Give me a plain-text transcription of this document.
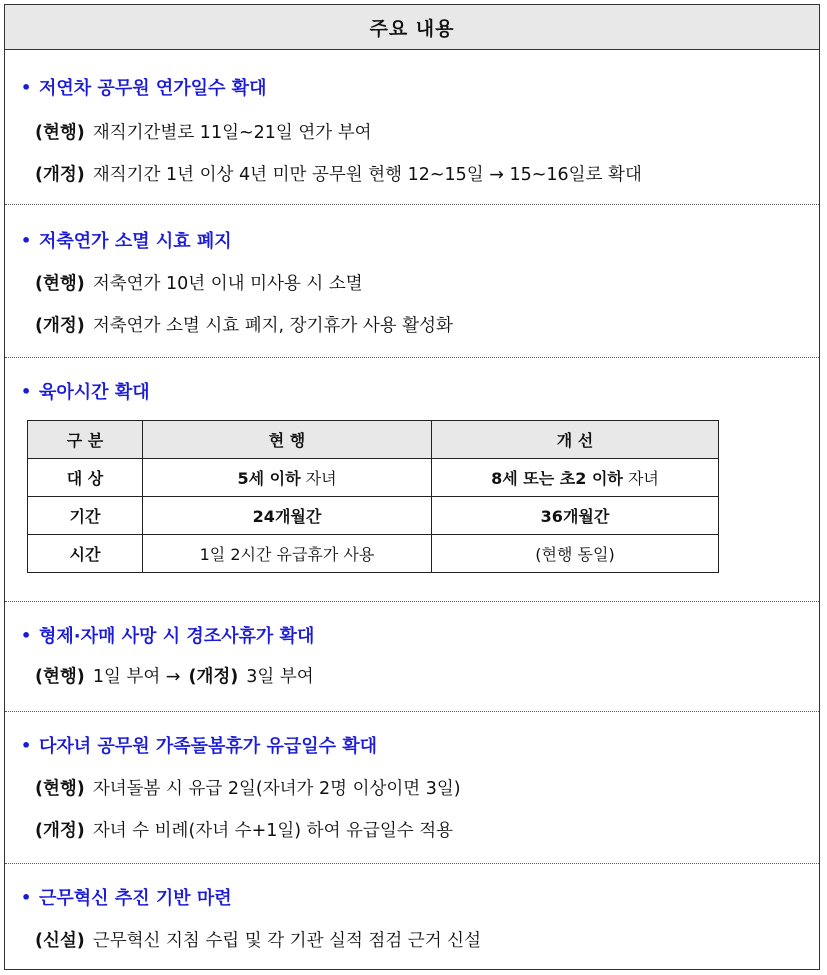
주요 내용
• 저연차 공무원 연가일수 확대
(현행) 재직기간별로 11일~21일 연가 부여
(개정) 재직기간 1년 이상 4년 미만 공무원 현행 12~15일 → 15~16일로 확대
• 저축연가 소멸 시효 폐지
(현행) 저축연가 10년 이내 미사용 시 소멸
(개정) 저축연가 소멸 시효 폐지, 장기휴가 사용 활성화
• 육아시간 확대
구 분	현 행	개 선
대 상	5세 이하 자녀	8세 또는 초2 이하 자녀
기간	24개월간	36개월간
시간	1일 2시간 유급휴가 사용	(현행 동일)
• 형제·자매 사망 시 경조사휴가 확대
(현행) 1일 부여 → (개정) 3일 부여
• 다자녀 공무원 가족돌봄휴가 유급일수 확대
(현행) 자녀돌봄 시 유급 2일(자녀가 2명 이상이면 3일)
(개정) 자녀 수 비례(자녀 수+1일) 하여 유급일수 적용
• 근무혁신 추진 기반 마련
(신설) 근무혁신 지침 수립 및 각 기관 실적 점검 근거 신설
